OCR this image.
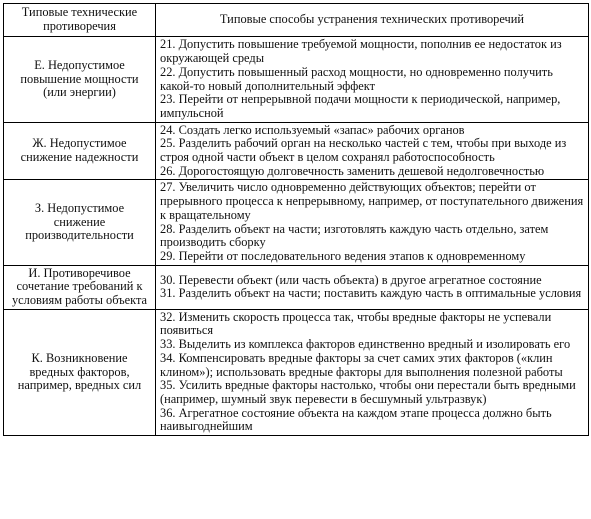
Типовые технические противоречия	Типовые способы устранения технических противоречий
Е. Недопустимое повышение мощности (или энергии)	21. Допустить повышение требуемой мощности, пополнив ее недостаток из окружающей среды
22. Допустить повышенный расход мощности, но одновременно получить какой-то новый дополнительный эффект
23. Перейти от непрерывной подачи мощности к периодической, например, импульсной

Ж. Недопустимое снижение надежности	24. Создать легко используемый «запас» рабочих органов
25. Разделить рабочий орган на несколько частей с тем, чтобы при выходе из строя одной части объект в целом сохранял работоспособность
26. Дорогостоящую долговечность заменить дешевой недолговечностью

З. Недопустимое снижение производительности	27. Увеличить число одновременно действующих объектов; перейти от прерывного процесса к непрерывному, например, от поступательного движения к вращательному
28. Разделить объект на части; изготовлять каждую часть отдельно, затем производить сборку
29. Перейти от последовательного ведения этапов к одновременному

И. Противоречивое сочетание требований к условиям работы объекта	30. Перевести объект (или часть объекта) в другое агрегатное состояние
31. Разделить объект на части; поставить каждую часть в оптимальные условия

К. Возникновение вредных факторов, например, вредных сил	32. Изменить скорость процесса так, чтобы вредные факторы не успевали появиться
33. Выделить из комплекса факторов единственно вредный и изолировать его
34. Компенсировать вредные факторы за счет самих этих факторов («клин клином»); использовать вредные факторы для выполнения полезной работы
35. Усилить вредные факторы настолько, чтобы они перестали быть вредными (например, шумный звук перевести в бесшумный ультразвук)
36. Агрегатное состояние объекта на каждом этапе процесса должно быть наивыгоднейшим
